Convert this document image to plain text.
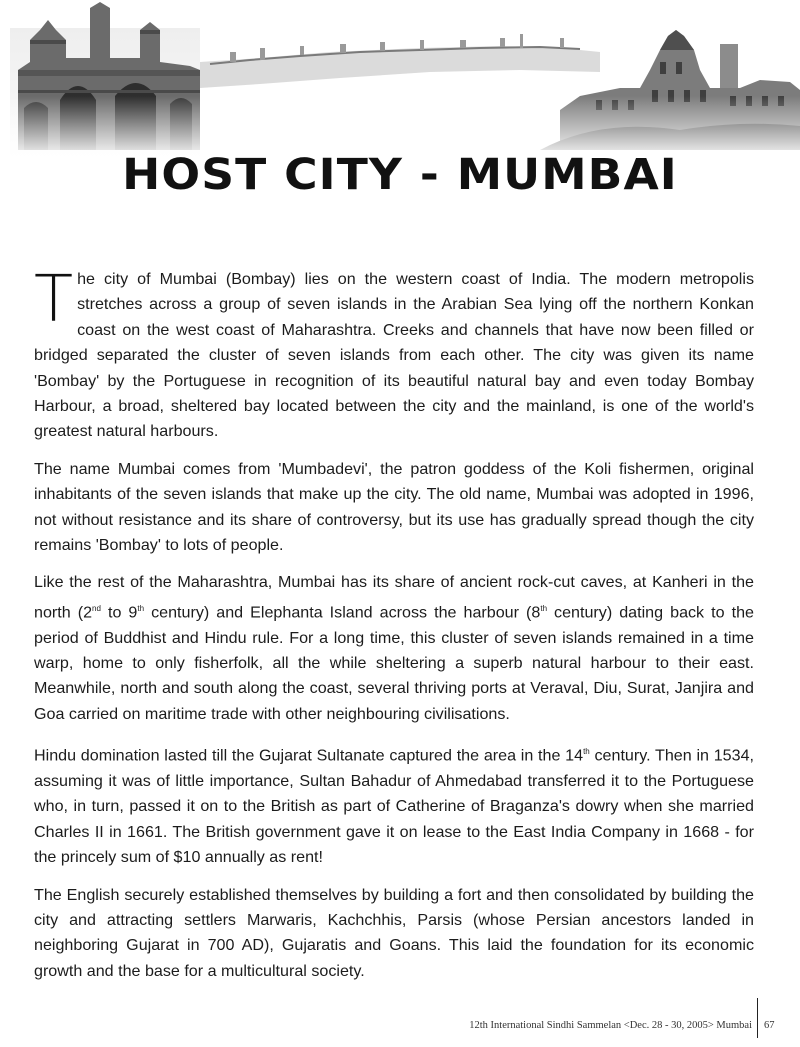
HOST CITY - MUMBAI

The city of Mumbai (Bombay) lies on the western coast of India. The modern metropolis stretches across a group of seven islands in the Arabian Sea lying off the northern Konkan coast on the west coast of Maharashtra. Creeks and channels that have now been filled or bridged separated the cluster of seven islands from each other. The city was given its name 'Bombay' by the Portuguese in recognition of its beautiful natural bay and even today Bombay Harbour, a broad, sheltered bay located between the city and the mainland, is one of the world's greatest natural harbours.

The name Mumbai comes from 'Mumbadevi', the patron goddess of the Koli fishermen, original inhabitants of the seven islands that make up the city. The old name, Mumbai was adopted in 1996, not without resistance and its share of controversy, but its use has gradually spread though the city remains 'Bombay' to lots of people.

Like the rest of the Maharashtra, Mumbai has its share of ancient rock-cut caves, at Kanheri in the north (2nd to 9th century) and Elephanta Island across the harbour (8th century) dating back to the period of Buddhist and Hindu rule. For a long time, this cluster of seven islands remained in a time warp, home to only fisherfolk, all the while sheltering a superb natural harbour to their east. Meanwhile, north and south along the coast, several thriving ports at Veraval, Diu, Surat, Janjira and Goa carried on maritime trade with other neighbouring civilisations.

Hindu domination lasted till the Gujarat Sultanate captured the area in the 14th century. Then in 1534, assuming it was of little importance, Sultan Bahadur of Ahmedabad transferred it to the Portuguese who, in turn, passed it on to the British as part of Catherine of Braganza's dowry when she married Charles II in 1661. The British government gave it on lease to the East India Company in 1668 - for the princely sum of $10 annually as rent!

The English securely established themselves by building a fort and then consolidated by building the city and attracting settlers Marwaris, Kachchhis, Parsis (whose Persian ancestors landed in neighboring Gujarat in 700 AD), Gujaratis and Goans. This laid the foundation for its economic growth and the base for a multicultural society.

12th International Sindhi Sammelan <Dec. 28 - 30, 2005> Mumbai 67
